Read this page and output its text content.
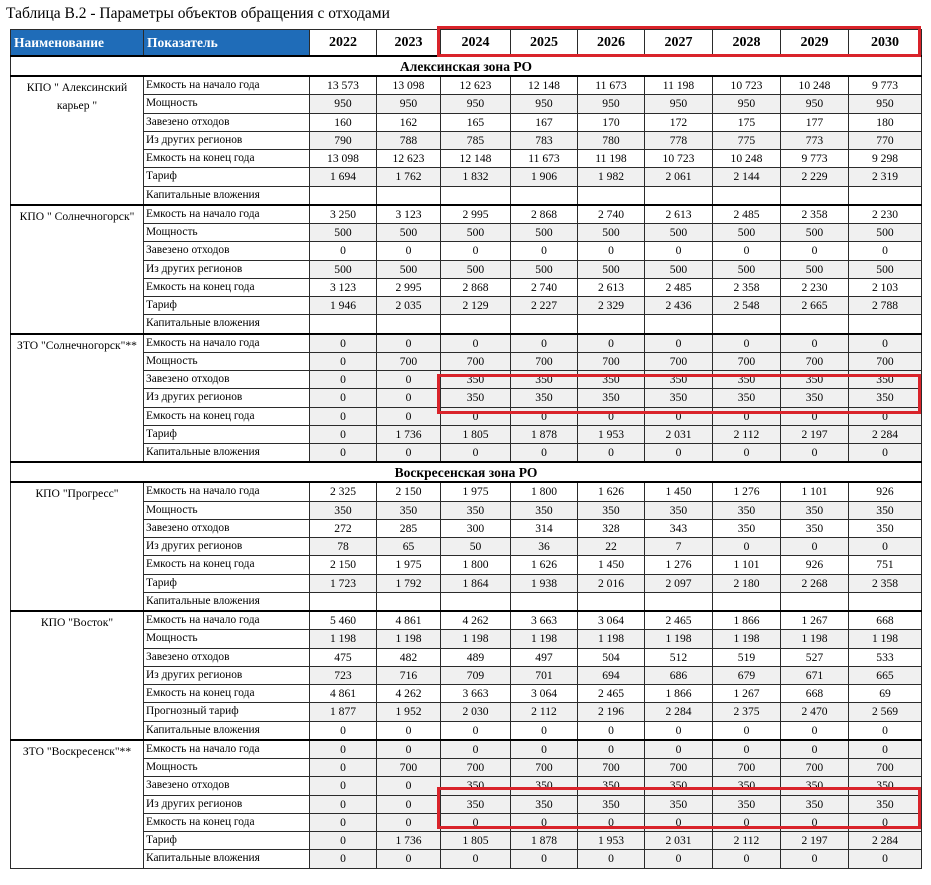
Таблица В.2 - Параметры объектов обращения с отходами
Наименование	Показатель	2022	2023	2024	2025	2026	2027	2028	2029	2030
Алексинская зона РО										
КПО " Алексинский карьер "	Емкость на начало года	13 573	13 098	12 623	12 148	11 673	11 198	10 723	10 248	9 773
	Мощность	950	950	950	950	950	950	950	950	950
	Завезено отходов	160	162	165	167	170	172	175	177	180
	Из других регионов	790	788	785	783	780	778	775	773	770
	Емкость на конец года	13 098	12 623	12 148	11 673	11 198	10 723	10 248	9 773	9 298
	Тариф	1 694	1 762	1 832	1 906	1 982	2 061	2 144	2 229	2 319
	Капитальные вложения									
КПО " Солнечногорск"	Емкость на начало года	3 250	3 123	2 995	2 868	2 740	2 613	2 485	2 358	2 230
	Мощность	500	500	500	500	500	500	500	500	500
	Завезено отходов	0	0	0	0	0	0	0	0	0
	Из других регионов	500	500	500	500	500	500	500	500	500
	Емкость на конец года	3 123	2 995	2 868	2 740	2 613	2 485	2 358	2 230	2 103
	Тариф	1 946	2 035	2 129	2 227	2 329	2 436	2 548	2 665	2 788
	Капитальные вложения									
ЗТО "Солнечногорск"**	Емкость на начало года	0	0	0	0	0	0	0	0	0
	Мощность	0	700	700	700	700	700	700	700	700
	Завезено отходов	0	0	350	350	350	350	350	350	350
	Из других регионов	0	0	350	350	350	350	350	350	350
	Емкость на конец года	0	0	0	0	0	0	0	0	0
	Тариф	0	1 736	1 805	1 878	1 953	2 031	2 112	2 197	2 284
	Капитальные вложения	0	0	0	0	0	0	0	0	0
Воскресенская зона РО										
КПО "Прогресс"	Емкость на начало года	2 325	2 150	1 975	1 800	1 626	1 450	1 276	1 101	926
	Мощность	350	350	350	350	350	350	350	350	350
	Завезено отходов	272	285	300	314	328	343	350	350	350
	Из других регионов	78	65	50	36	22	7	0	0	0
	Емкость на конец года	2 150	1 975	1 800	1 626	1 450	1 276	1 101	926	751
	Тариф	1 723	1 792	1 864	1 938	2 016	2 097	2 180	2 268	2 358
	Капитальные вложения									
КПО "Восток"	Емкость на начало года	5 460	4 861	4 262	3 663	3 064	2 465	1 866	1 267	668
	Мощность	1 198	1 198	1 198	1 198	1 198	1 198	1 198	1 198	1 198
	Завезено отходов	475	482	489	497	504	512	519	527	533
	Из других регионов	723	716	709	701	694	686	679	671	665
	Емкость на конец года	4 861	4 262	3 663	3 064	2 465	1 866	1 267	668	69
	Прогнозный тариф	1 877	1 952	2 030	2 112	2 196	2 284	2 375	2 470	2 569
	Капитальные вложения	0	0	0	0	0	0	0	0	0
ЗТО "Воскресенск"**	Емкость на начало года	0	0	0	0	0	0	0	0	0
	Мощность	0	700	700	700	700	700	700	700	700
	Завезено отходов	0	0	350	350	350	350	350	350	350
	Из других регионов	0	0	350	350	350	350	350	350	350
	Емкость на конец года	0	0	0	0	0	0	0	0	0
	Тариф	0	1 736	1 805	1 878	1 953	2 031	2 112	2 197	2 284
	Капитальные вложения	0	0	0	0	0	0	0	0	0
